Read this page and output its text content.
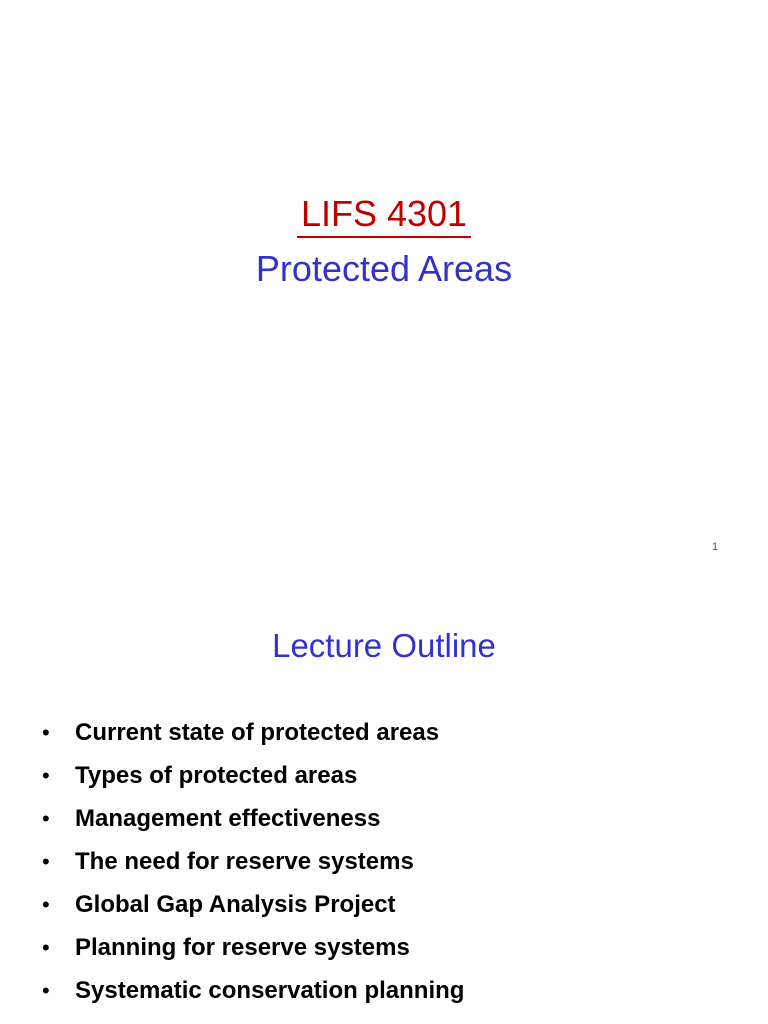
LIFS 4301
Protected Areas
1
Lecture Outline
•	Current state of protected areas
•	Types of protected areas
•	Management effectiveness
•	The need for reserve systems
•	Global Gap Analysis Project
•	Planning for reserve systems
•	Systematic conservation planning
